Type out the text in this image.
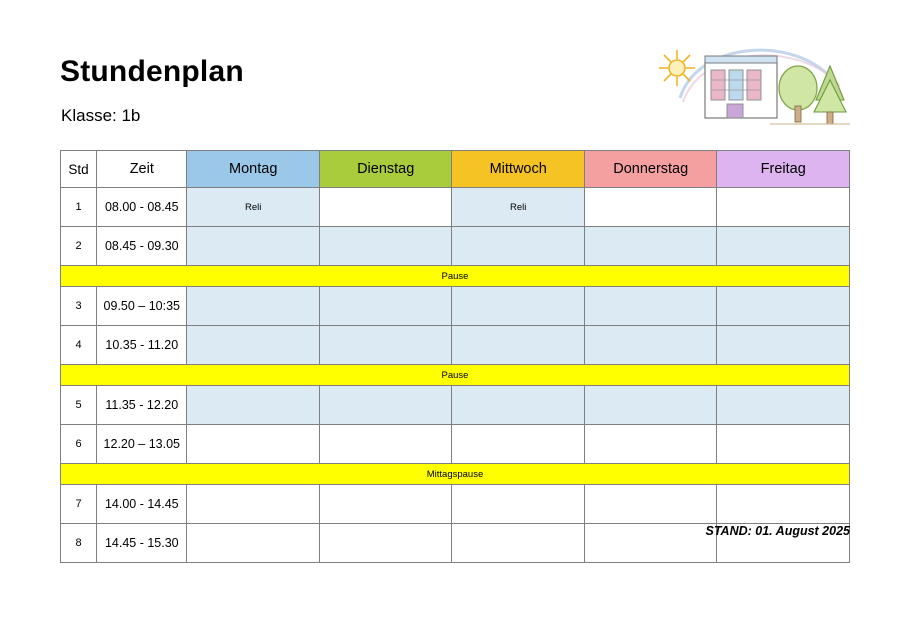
Stundenplan
Klasse: 1b
Std	Zeit	Montag	Dienstag	Mittwoch	Donnerstag	Freitag
1	08.00 - 08.45	Reli		Reli		
2	08.45 - 09.30					
Pause						
3	09.50 – 10:35					
4	10.35 - 11.20					
Pause						
5	11.35 - 12.20					
6	12.20 – 13.05					
Mittagspause						
7	14.00 - 14.45					
8	14.45 - 15.30					
STAND: 01. August 2025
